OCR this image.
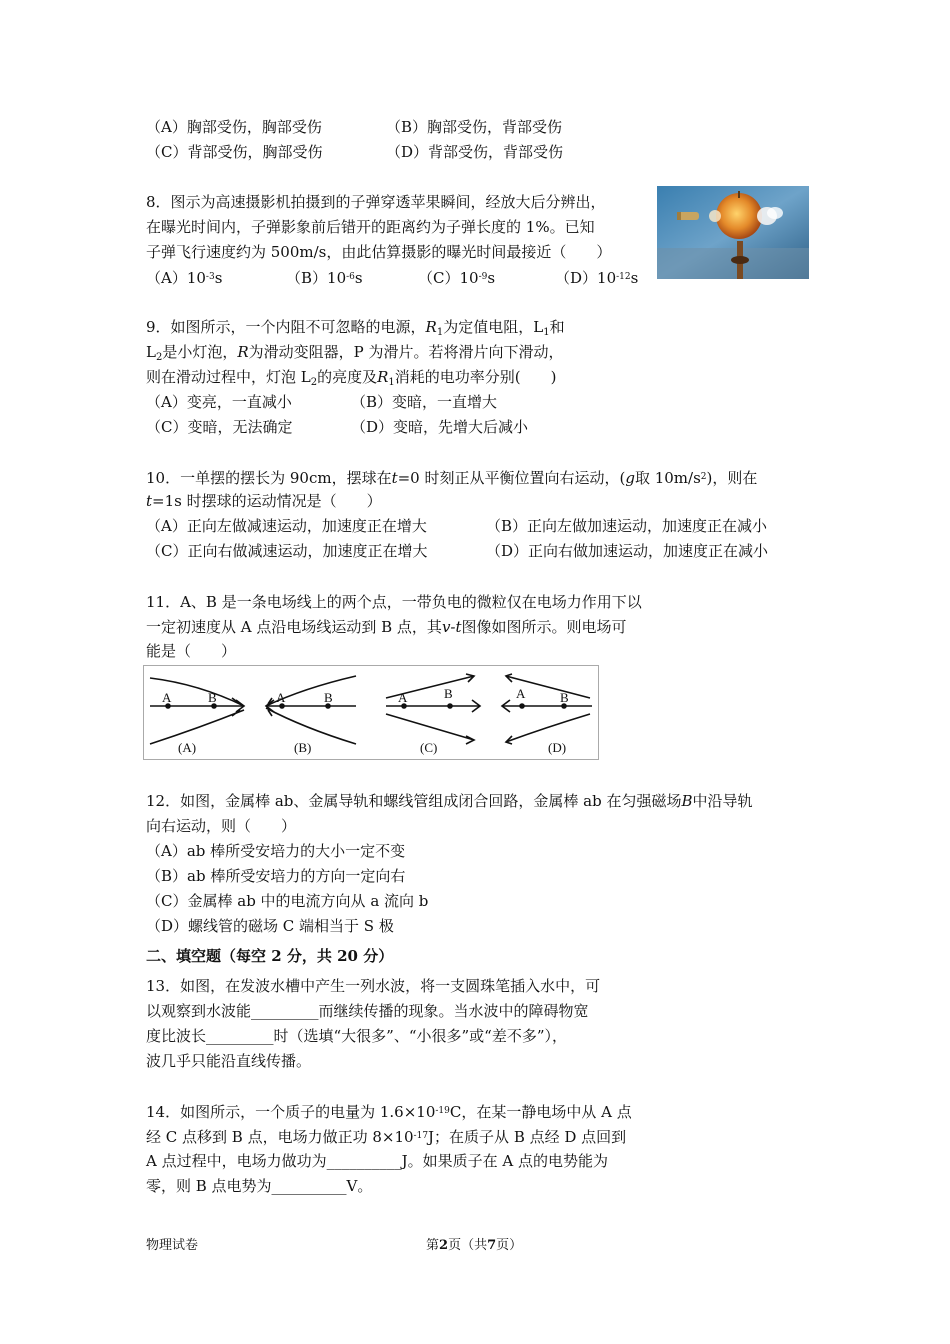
（A）胸部受伤，胸部受伤	（B）胸部受伤，背部受伤
（C）背部受伤，胸部受伤	（D）背部受伤，背部受伤
8．图示为高速摄影机拍摄到的子弹穿透苹果瞬间，经放大后分辨出，
在曝光时间内，子弹影象前后错开的距离约为子弹长度的 1%。已知
子弹飞行速度约为 500m/s，由此估算摄影的曝光时间最接近（　　）
$(A)10^{-3}s$	$(B)10^{-6}s$	$(C)10^{-9}s$	$(D)10^{-12}s$
9．如图所示，一个内阻不可忽略的电源，$R_1$为定值电阻，$L_1$和
$L_2$是小灯泡，R为滑动变阻器，P 为滑片。若将滑片向下滑动，
则在滑动过程中，灯泡 $L_2$的亮度及$R_1$消耗的电功率分别(　　)
（A）变亮，一直减小	（B）变暗，一直增大
（C）变暗，无法确定	（D）变暗，先增大后减小
10．一单摆的摆长为 90cm，摆球在t=0 时刻正从平衡位置向右运动，(g取 $10m/s^2$)，则在
t=1s 时摆球的运动情况是（　　）
（A）正向左做减速运动，加速度正在增大	（B）正向左做加速运动，加速度正在减小
（C）正向右做减速运动，加速度正在增大	（D）正向右做加速运动，加速度正在减小
11．A、B 是一条电场线上的两个点，一带负电的微粒仅在电场力作用下以
一定初速度从 A 点沿电场线运动到 B 点，其v-t图像如图所示。则电场可
能是（　　）
A	B
(A)
A	B
(B)
A	B
(C)
A	B
(D)
12．如图，金属棒 ab、金属导轨和螺线管组成闭合回路，金属棒 ab 在匀强磁场B中沿导轨
向右运动，则（　　）
（A）ab 棒所受安培力的大小一定不变
（B）ab 棒所受安培力的方向一定向右
（C）金属棒 ab 中的电流方向从 a 流向 b
（D）螺线管的磁场 C 端相当于 S 极
二、填空题（每空 2 分，共 20 分）
13．如图，在发波水槽中产生一列水波，将一支圆珠笔插入水中，可
以观察到水波能_________而继续传播的现象。当水波中的障碍物宽
度比波长_________时（选填“大很多”、“小很多”或“差不多”），
波几乎只能沿直线传播。
14．如图所示，一个质子的电量为 $1.6\times 10^{-19}C$，在某一静电场中从 A 点
经 C 点移到 B 点，电场力做正功 $8\times 10^{-17}J$；在质子从 B 点经 D 点回到
A 点过程中，电场力做功为__________J。如果质子在 A 点的电势能为
零，则 B 点电势为__________V。
物理试卷	第2页（共7页）
